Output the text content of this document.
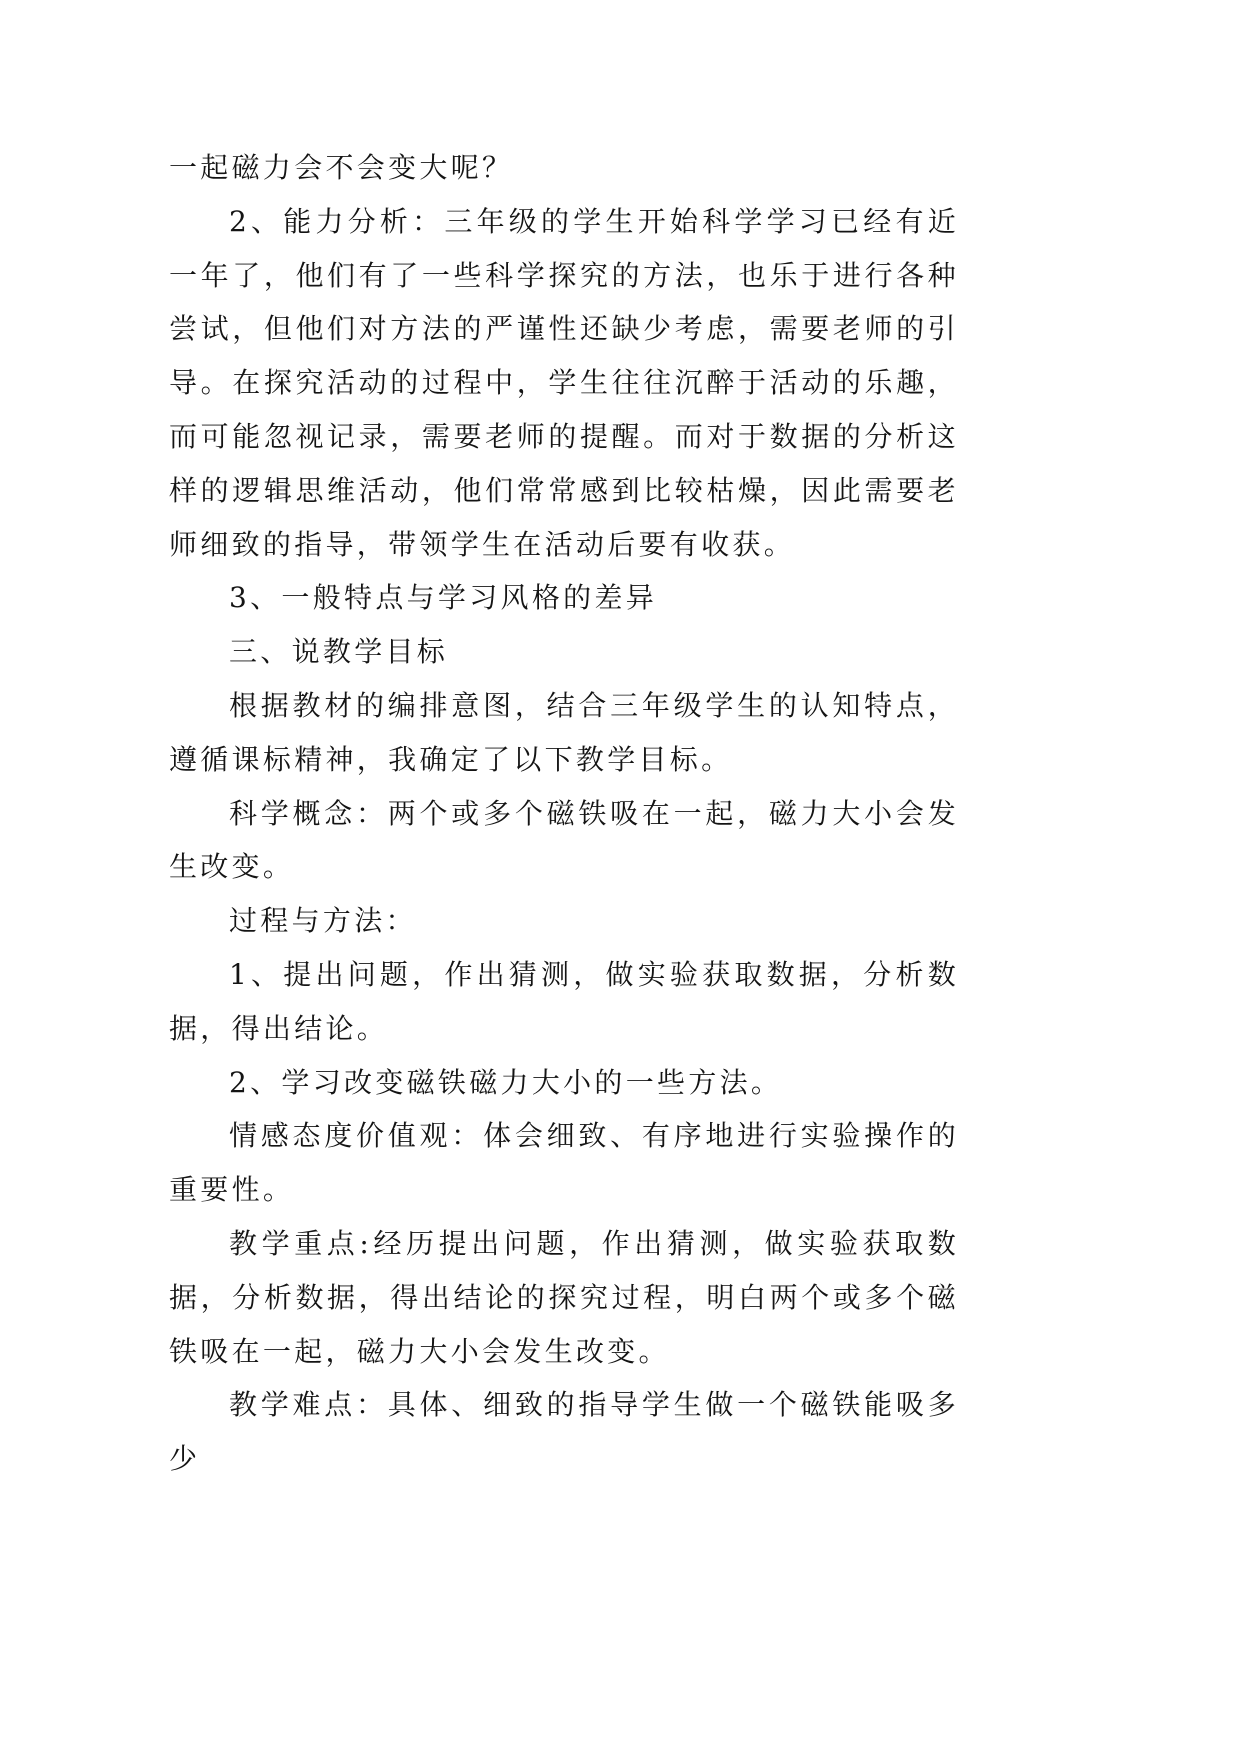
一起磁力会不会变大呢？

2、能力分析：三年级的学生开始科学学习已经有近一年了，他们有了一些科学探究的方法，也乐于进行各种尝试，但他们对方法的严谨性还缺少考虑，需要老师的引导。在探究活动的过程中，学生往往沉醉于活动的乐趣，而可能忽视记录，需要老师的提醒。而对于数据的分析这样的逻辑思维活动，他们常常感到比较枯燥，因此需要老师细致的指导，带领学生在活动后要有收获。

3、一般特点与学习风格的差异

三、说教学目标

根据教材的编排意图，结合三年级学生的认知特点，遵循课标精神，我确定了以下教学目标。

科学概念：两个或多个磁铁吸在一起，磁力大小会发生改变。

过程与方法：

1、提出问题，作出猜测，做实验获取数据，分析数据，得出结论。

2、学习改变磁铁磁力大小的一些方法。

情感态度价值观：体会细致、有序地进行实验操作的重要性。

教学重点:经历提出问题，作出猜测，做实验获取数据，分析数据，得出结论的探究过程，明白两个或多个磁铁吸在一起，磁力大小会发生改变。

教学难点：具体、细致的指导学生做一个磁铁能吸多少
